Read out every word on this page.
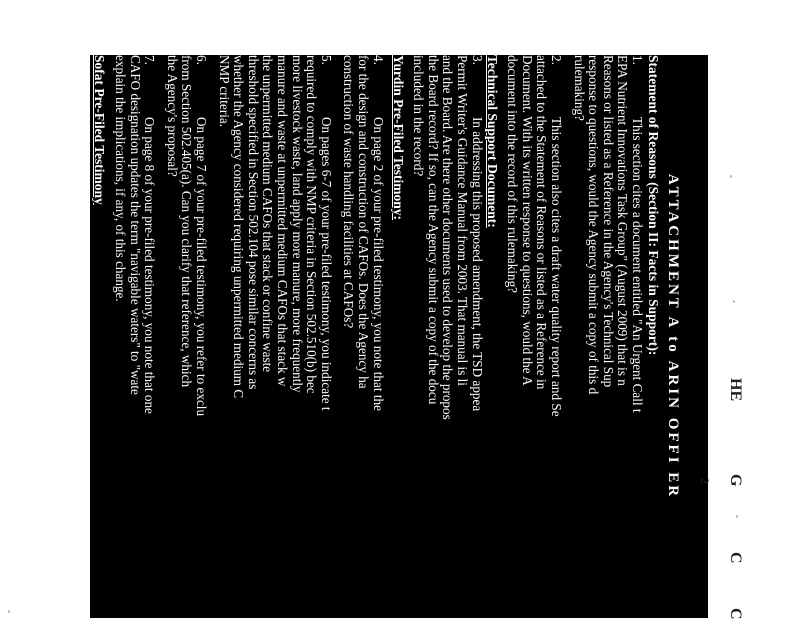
ATTACHMENT A to ARIN OFFI ER
Statement of Reasons (Section II: Facts in Support):
1.This section cites a document entitled "An Urgent Call t
EPA Nutrient Innovations Task Group" (August 2009) that is n
Reasons or listed as a Reference in the Agency's Technical Sup
response to questions, would the Agency submit a copy of this d
rulemaking?
2.This section also cites a draft water quality report and Se
attached to the Statement of Reasons or listed as a Reference in
Document. With its written response to questions, would the A
document into the record of this rulemaking?
Technical Support Document:
3.In addressing this proposed amendment, the TSD appea
Permit Writer's Guidance Manual from 2003. That manual is li
and the Board. Are there other documents used to develop the propos
the Board record? If so, can the Agency submit a copy of the docu
included in the record?
Yurdin Pre-Filed Testimony:
4.On page 2 of your pre-filed testimony, you note that the
for the design and construction of CAFOs. Does the Agency ha
construction of waste handling facilities at CAFOs?
5.On pages 6-7 of your pre-filed testimony, you indicate t
required to comply with NMP criteria in Section 502.510(b) bec
more livestock waste, land apply more manure, more frequently
manure and waste at unpermitted medium CAFOs that stack w
the unpermitted medium CAFOs that stack or confine waste
threshold specified in Section 502.104 pose similar concerns as
whether the Agency considered requiring unpermitted medium C
NMP criteria.
6.On page 7 of your pre-filed testimony, you refer to exclu
from Section 502.405(a). Can you clarify that reference, which
the Agency's proposal?
7.On page 8 of your pre-filed testimony, you note that one
CAFO designation updates the term "navigable waters" to "wate
explain the implications, if any, of this change.
Sofat Pre-Filed Testimony
HE
G
C
C
2
